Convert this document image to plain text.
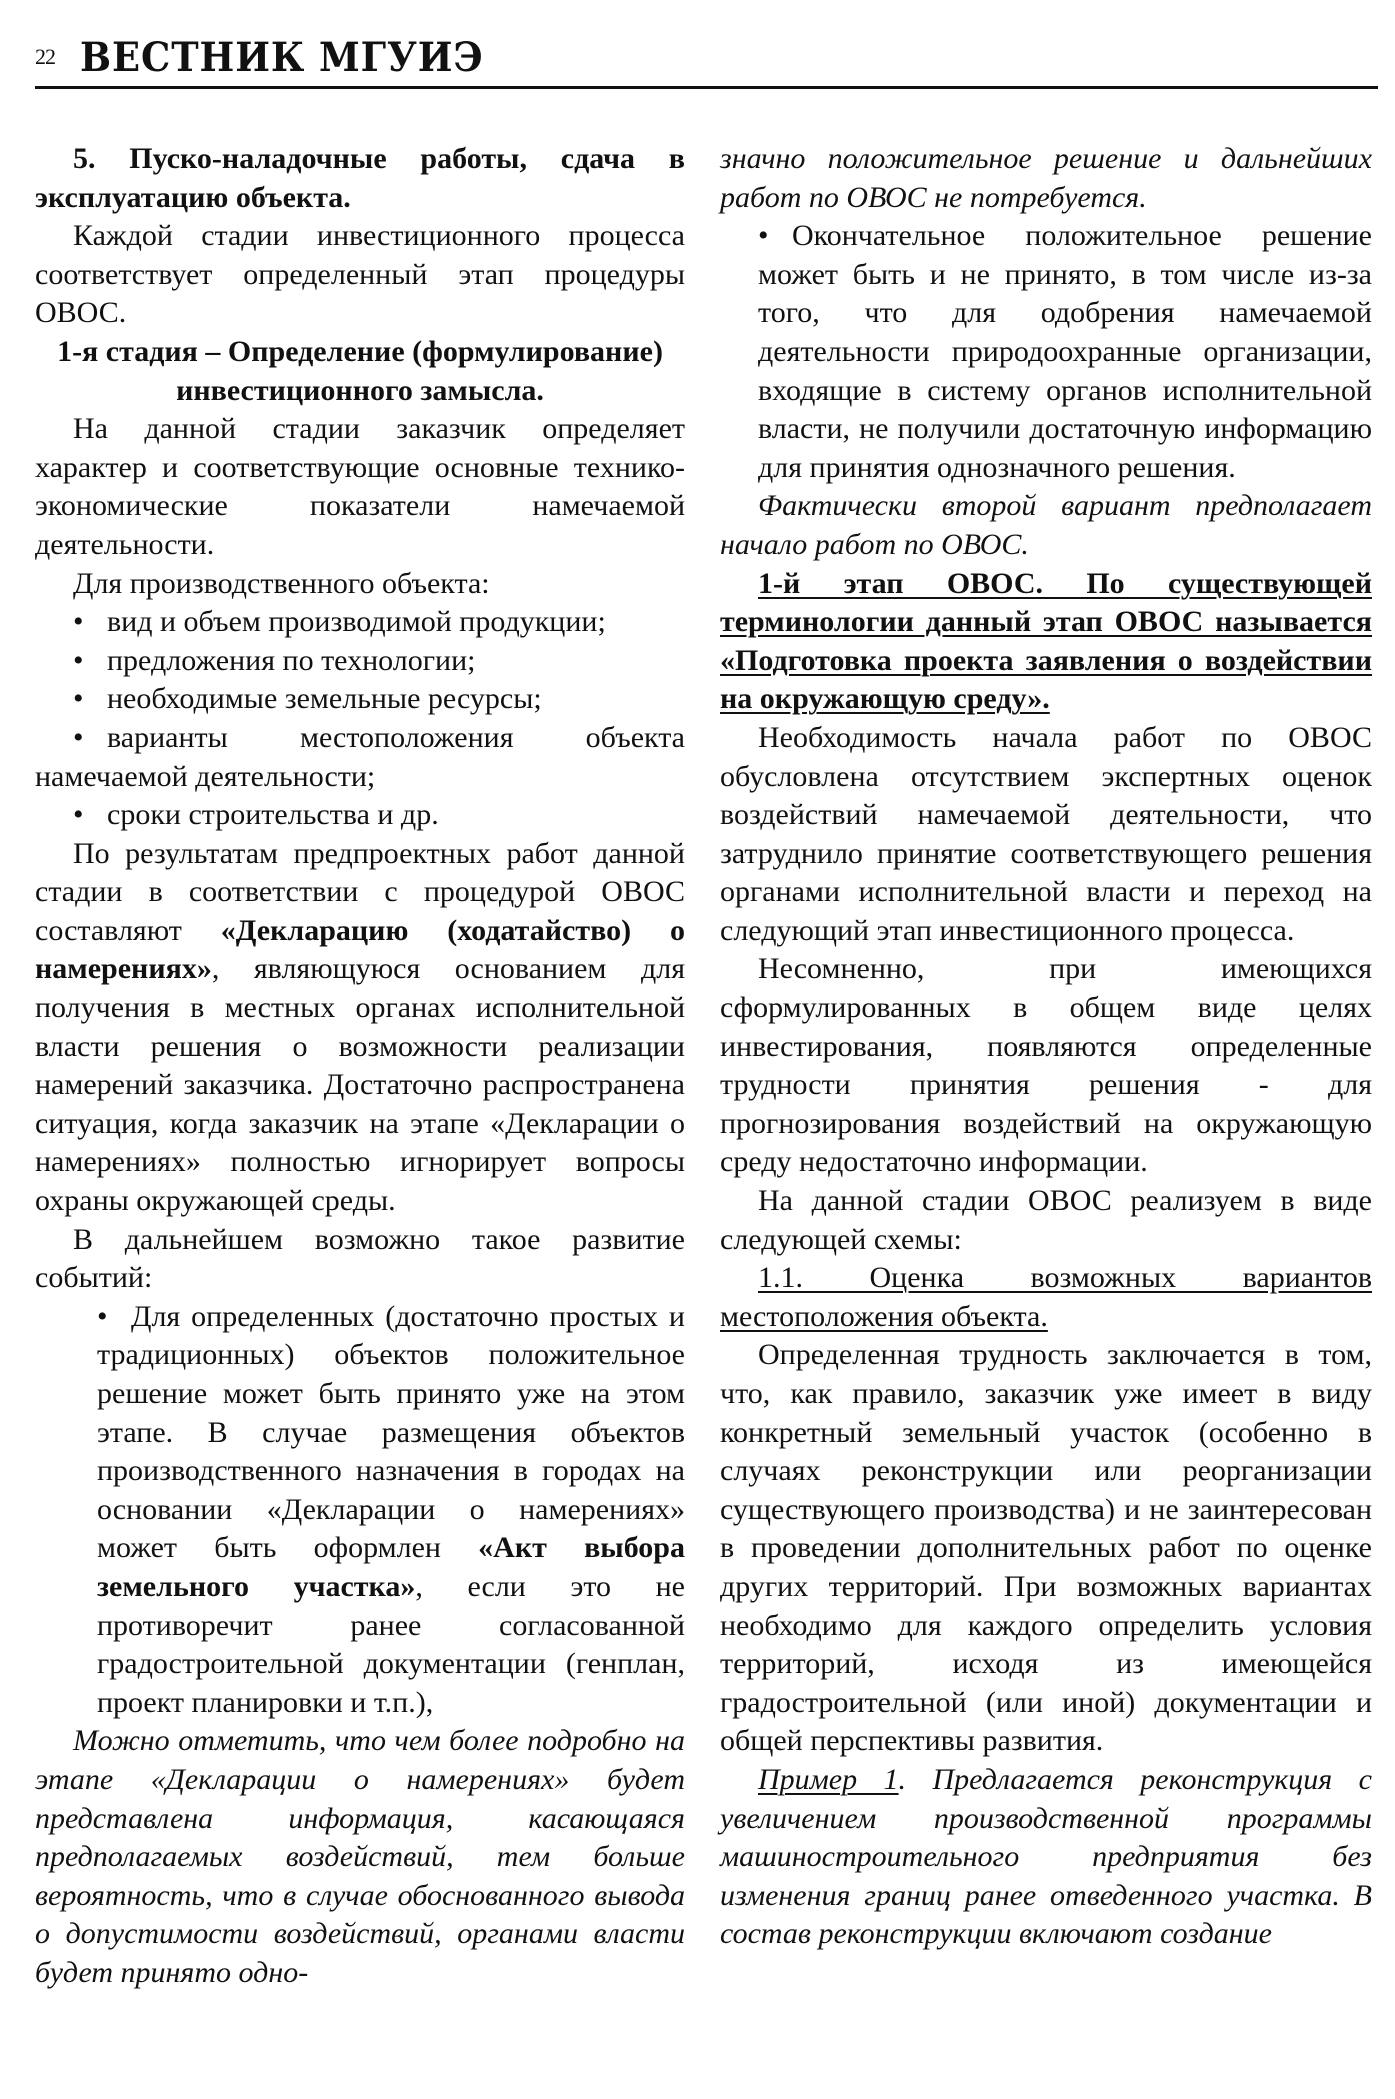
22 ВЕСТНИК МГУИЭ

5. Пуско-наладочные работы, сдача в эксплуатацию объекта.

Каждой стадии инвестиционного процесса соответствует определенный этап процедуры ОВОС.

1-я стадия – Определение (формулирование) инвестиционного замысла.

На данной стадии заказчик определяет характер и соответствующие основные технико-экономические показатели намечаемой деятельности.

Для производственного объекта:

• вид и объем производимой продукции;

• предложения по технологии;

• необходимые земельные ресурсы;

• варианты местоположения объекта намечаемой деятельности;

• сроки строительства и др.

По результатам предпроектных работ данной стадии в соответствии с процедурой ОВОС составляют «Декларацию (ходатайство) о намерениях», являющуюся основанием для получения в местных органах исполнительной власти решения о возможности реализации намерений заказчика. Достаточно распространена ситуация, когда заказчик на этапе «Декларации о намерениях» полностью игнорирует вопросы охраны окружающей среды.

В дальнейшем возможно такое развитие событий:

• Для определенных (достаточно простых и традиционных) объектов положительное решение может быть принято уже на этом этапе. В случае размещения объектов производственного назначения в городах на основании «Декларации о намерениях» может быть оформлен «Акт выбора земельного участка», если это не противоречит ранее согласованной градостроительной документации (генплан, проект планировки и т.п.),

Можно отметить, что чем более подробно на этапе «Декларации о намерениях» будет представлена информация, касающаяся предполагаемых воздействий, тем больше вероятность, что в случае обоснованного вывода о допустимости воздействий, органами власти будет принято одно-

значно положительное решение и дальнейших работ по ОВОС не потребуется.

• Окончательное положительное решение может быть и не принято, в том числе из-за того, что для одобрения намечаемой деятельности природоохранные организации, входящие в систему органов исполнительной власти, не получили достаточную информацию для принятия однозначного решения.

Фактически второй вариант предполагает начало работ по ОВОС.

1-й этап ОВОС. По существующей терминологии данный этап ОВОС называется «Подготовка проекта заявления о воздействии на окружающую среду».

Необходимость начала работ по ОВОС обусловлена отсутствием экспертных оценок воздействий намечаемой деятельности, что затруднило принятие соответствующего решения органами исполнительной власти и переход на следующий этап инвестиционного процесса.

Несомненно, при имеющихся сформулированных в общем виде целях инвестирования, появляются определенные трудности принятия решения - для прогнозирования воздействий на окружающую среду недостаточно информации.

На данной стадии ОВОС реализуем в виде следующей схемы:

1.1. Оценка возможных вариантов местоположения объекта.

Определенная трудность заключается в том, что, как правило, заказчик уже имеет в виду конкретный земельный участок (особенно в случаях реконструкции или реорганизации существующего производства) и не заинтересован в проведении дополнительных работ по оценке других территорий. При возможных вариантах необходимо для каждого определить условия территорий, исходя из имеющейся градостроительной (или иной) документации и общей перспективы развития.

Пример 1. Предлагается реконструкция с увеличением производственной программы машиностроительного предприятия без изменения границ ранее отведенного участка. В состав реконструкции включают создание
